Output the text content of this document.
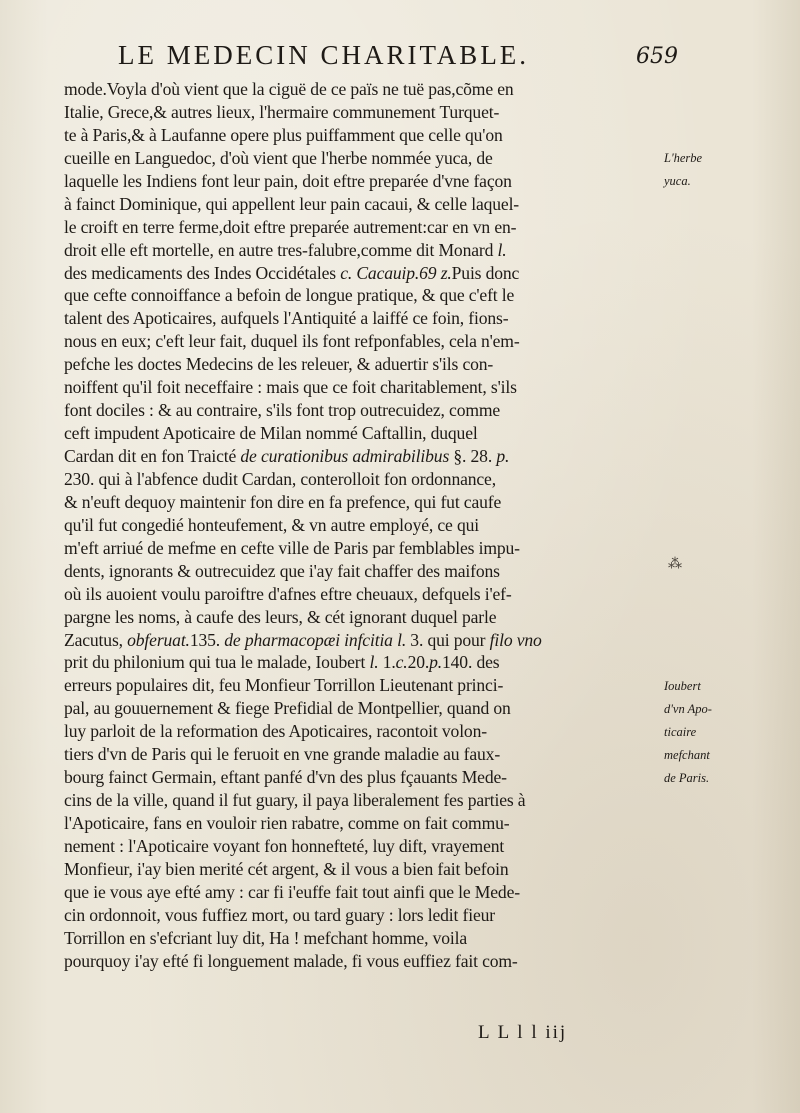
LE MEDECIN CHARITABLE.	659
mode.Voyla d'où vient que la ciguë de ce païs ne tuë pas,cõme en
Italie, Grece,& autres lieux, l'hermaire communement Turquet-
te à Paris,& à Laufanne opere plus puiffamment que celle qu'on
cueille en Languedoc, d'où vient que l'herbe nommée yuca, de
laquelle les Indiens font leur pain, doit eftre preparée d'vne façon
à fainct Dominique, qui appellent leur pain cacaui, & celle laquel-
le croift en terre ferme,doit eftre preparée autrement:car en vn en-
droit elle eft mortelle, en autre tres-falubre,comme dit Monard l.
des medicaments des Indes Occidétales c. Cacauip.69 z.Puis donc
que cefte connoiffance a befoin de longue pratique, & que c'eft le
talent des Apoticaires, aufquels l'Antiquité a laiffé ce foin, fions-
nous en eux; c'eft leur fait, duquel ils font refponfables, cela n'em-
pefche les doctes Medecins de les releuer, & aduertir s'ils con-
noiffent qu'il foit neceffaire : mais que ce foit charitablement, s'ils
font dociles : & au contraire, s'ils font trop outrecuidez, comme
ceft impudent Apoticaire de Milan nommé Caftallin, duquel
Cardan dit en fon Traicté de curationibus admirabilibus §. 28. p.
230. qui à l'abfence dudit Cardan, conterolloit fon ordonnance,
& n'euft dequoy maintenir fon dire en fa prefence, qui fut caufe
qu'il fut congedié honteufement, & vn autre employé, ce qui
m'eft arriué de mefme en cefte ville de Paris par femblables impu-
dents, ignorants & outrecuidez que i'ay fait chaffer des maifons
où ils auoient voulu paroiftre d'afnes eftre cheuaux, defquels i'ef-
pargne les noms, à caufe des leurs, & cét ignorant duquel parle
Zacutus, obferuat.135. de pharmacopæi infcitia l. 3. qui pour filo vno
prit du philonium qui tua le malade, Ioubert l. 1.c.20.p.140. des
erreurs populaires dit, feu Monfieur Torrillon Lieutenant princi-
pal, au gouuernement & fiege Prefidial de Montpellier, quand on
luy parloit de la reformation des Apoticaires, racontoit volon-
tiers d'vn de Paris qui le feruoit en vne grande maladie au faux-
bourg fainct Germain, eftant panfé d'vn des plus fçauants Mede-
cins de la ville, quand il fut guary, il paya liberalement fes parties à
l'Apoticaire, fans en vouloir rien rabatre, comme on fait commu-
nement : l'Apoticaire voyant fon honnefteté, luy dift, vrayement
Monfieur, i'ay bien merité cét argent, & il vous a bien fait befoin
que ie vous aye efté amy : car fi i'euffe fait tout ainfi que le Mede-
cin ordonnoit, vous fuffiez mort, ou tard guary : lors ledit fieur
Torrillon en s'efcriant luy dit, Ha ! mefchant homme, voila
pourquoy i'ay efté fi longuement malade, fi vous euffiez fait com-
L'herbe
yuca.
Ioubert
d'vn Apo-
ticaire
mefchant
de Paris.
L L l l iij
⁂
